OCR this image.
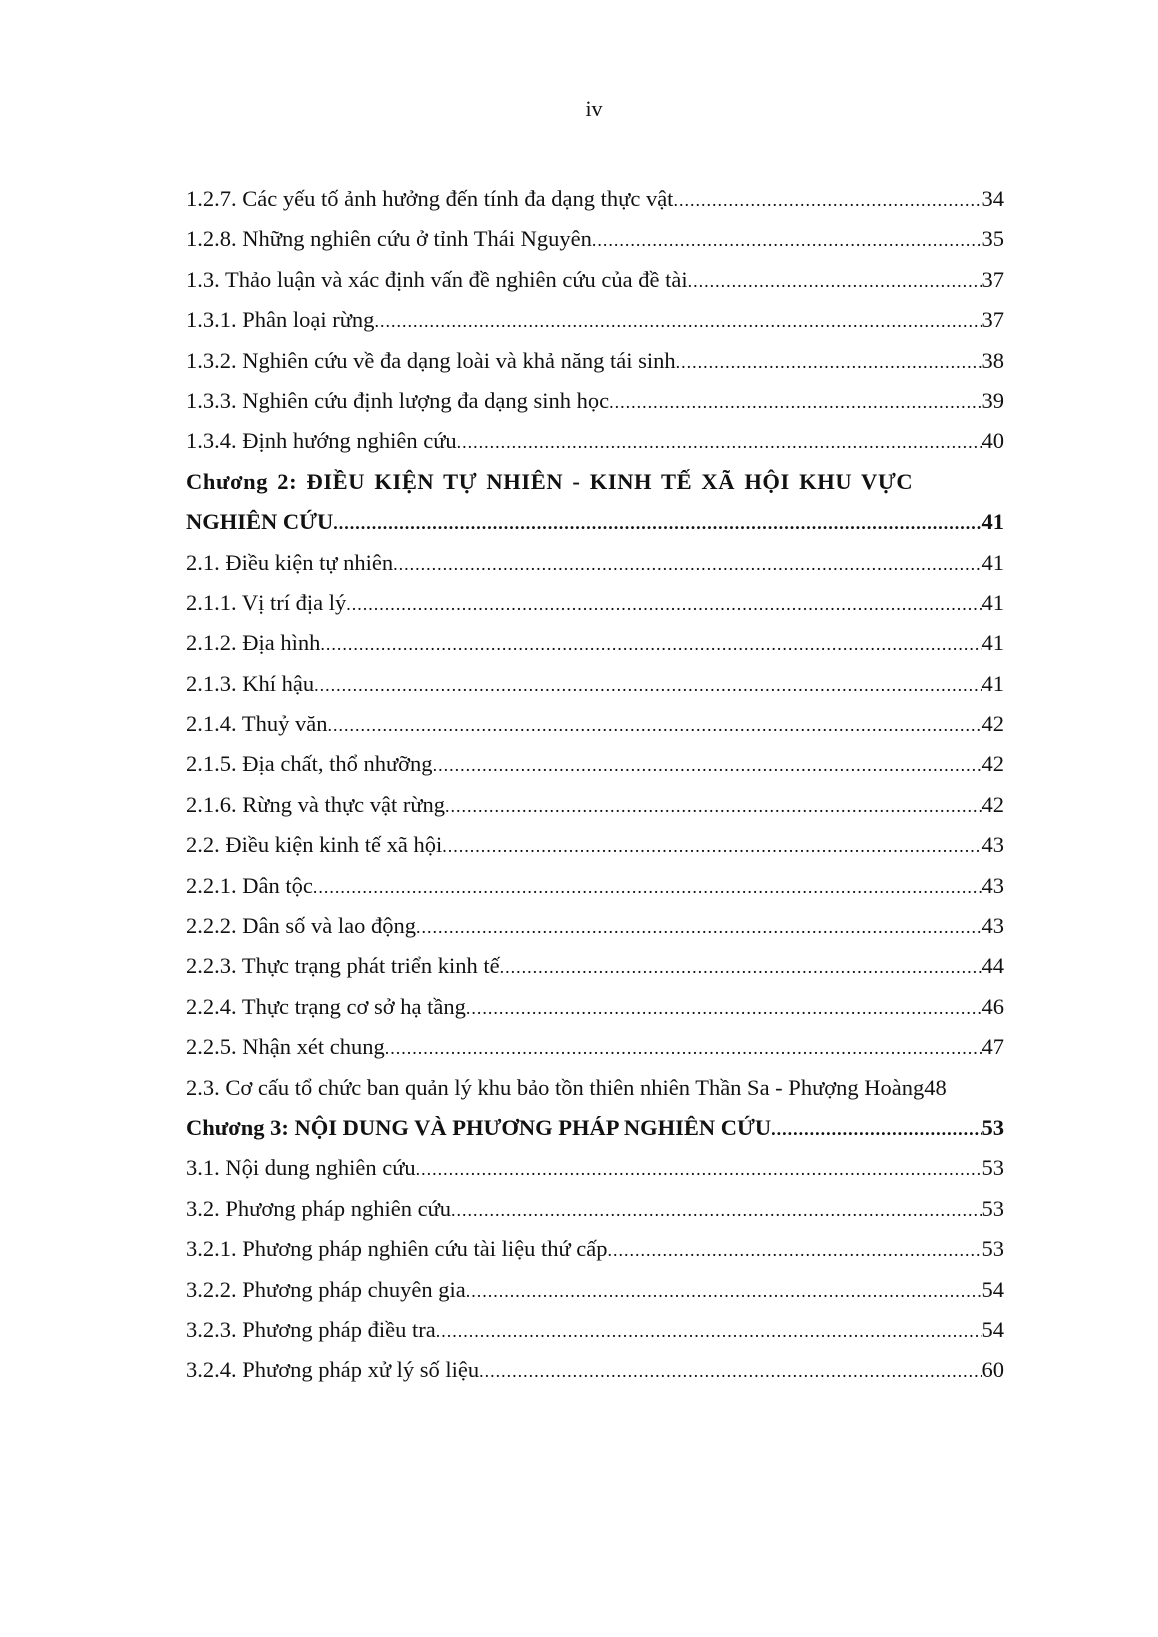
iv
1.2.7. Các yếu tố ảnh hưởng đến tính đa dạng thực vật .....	34
1.2.8. Những nghiên cứu ở tỉnh Thái Nguyên .....	35
1.3. Thảo luận và xác định vấn đề nghiên cứu của đề tài .....	37
1.3.1. Phân loại rừng .....	37
1.3.2. Nghiên cứu về đa dạng loài và khả năng tái sinh .....	38
1.3.3. Nghiên cứu định lượng đa dạng sinh học .....	39
1.3.4. Định hướng nghiên cứu .....	40
Chương 2: ĐIỀU KIỆN TỰ NHIÊN - KINH TẾ XÃ HỘI KHU VỰC
NGHIÊN CỨU .....	41
2.1. Điều kiện tự nhiên .....	41
2.1.1. Vị trí địa lý .....	41
2.1.2. Địa hình .....	41
2.1.3. Khí hậu .....	41
2.1.4. Thuỷ văn .....	42
2.1.5. Địa chất, thổ nhưỡng .....	42
2.1.6. Rừng và thực vật rừng .....	42
2.2. Điều kiện kinh tế xã hội .....	43
2.2.1. Dân tộc .....	43
2.2.2. Dân số và lao động .....	43
2.2.3. Thực trạng phát triển kinh tế .....	44
2.2.4. Thực trạng cơ sở hạ tầng .....	46
2.2.5. Nhận xét chung .....	47
2.3. Cơ cấu tổ chức ban quản lý khu bảo tồn thiên nhiên Thần Sa - Phượng Hoàng 48
Chương 3: NỘI DUNG VÀ PHƯƠNG PHÁP NGHIÊN CỨU .....	53
3.1. Nội dung nghiên cứu .....	53
3.2. Phương pháp nghiên cứu .....	53
3.2.1. Phương pháp nghiên cứu tài liệu thứ cấp .....	53
3.2.2. Phương pháp chuyên gia .....	54
3.2.3. Phương pháp điều tra .....	54
3.2.4. Phương pháp xử lý số liệu .....	60
